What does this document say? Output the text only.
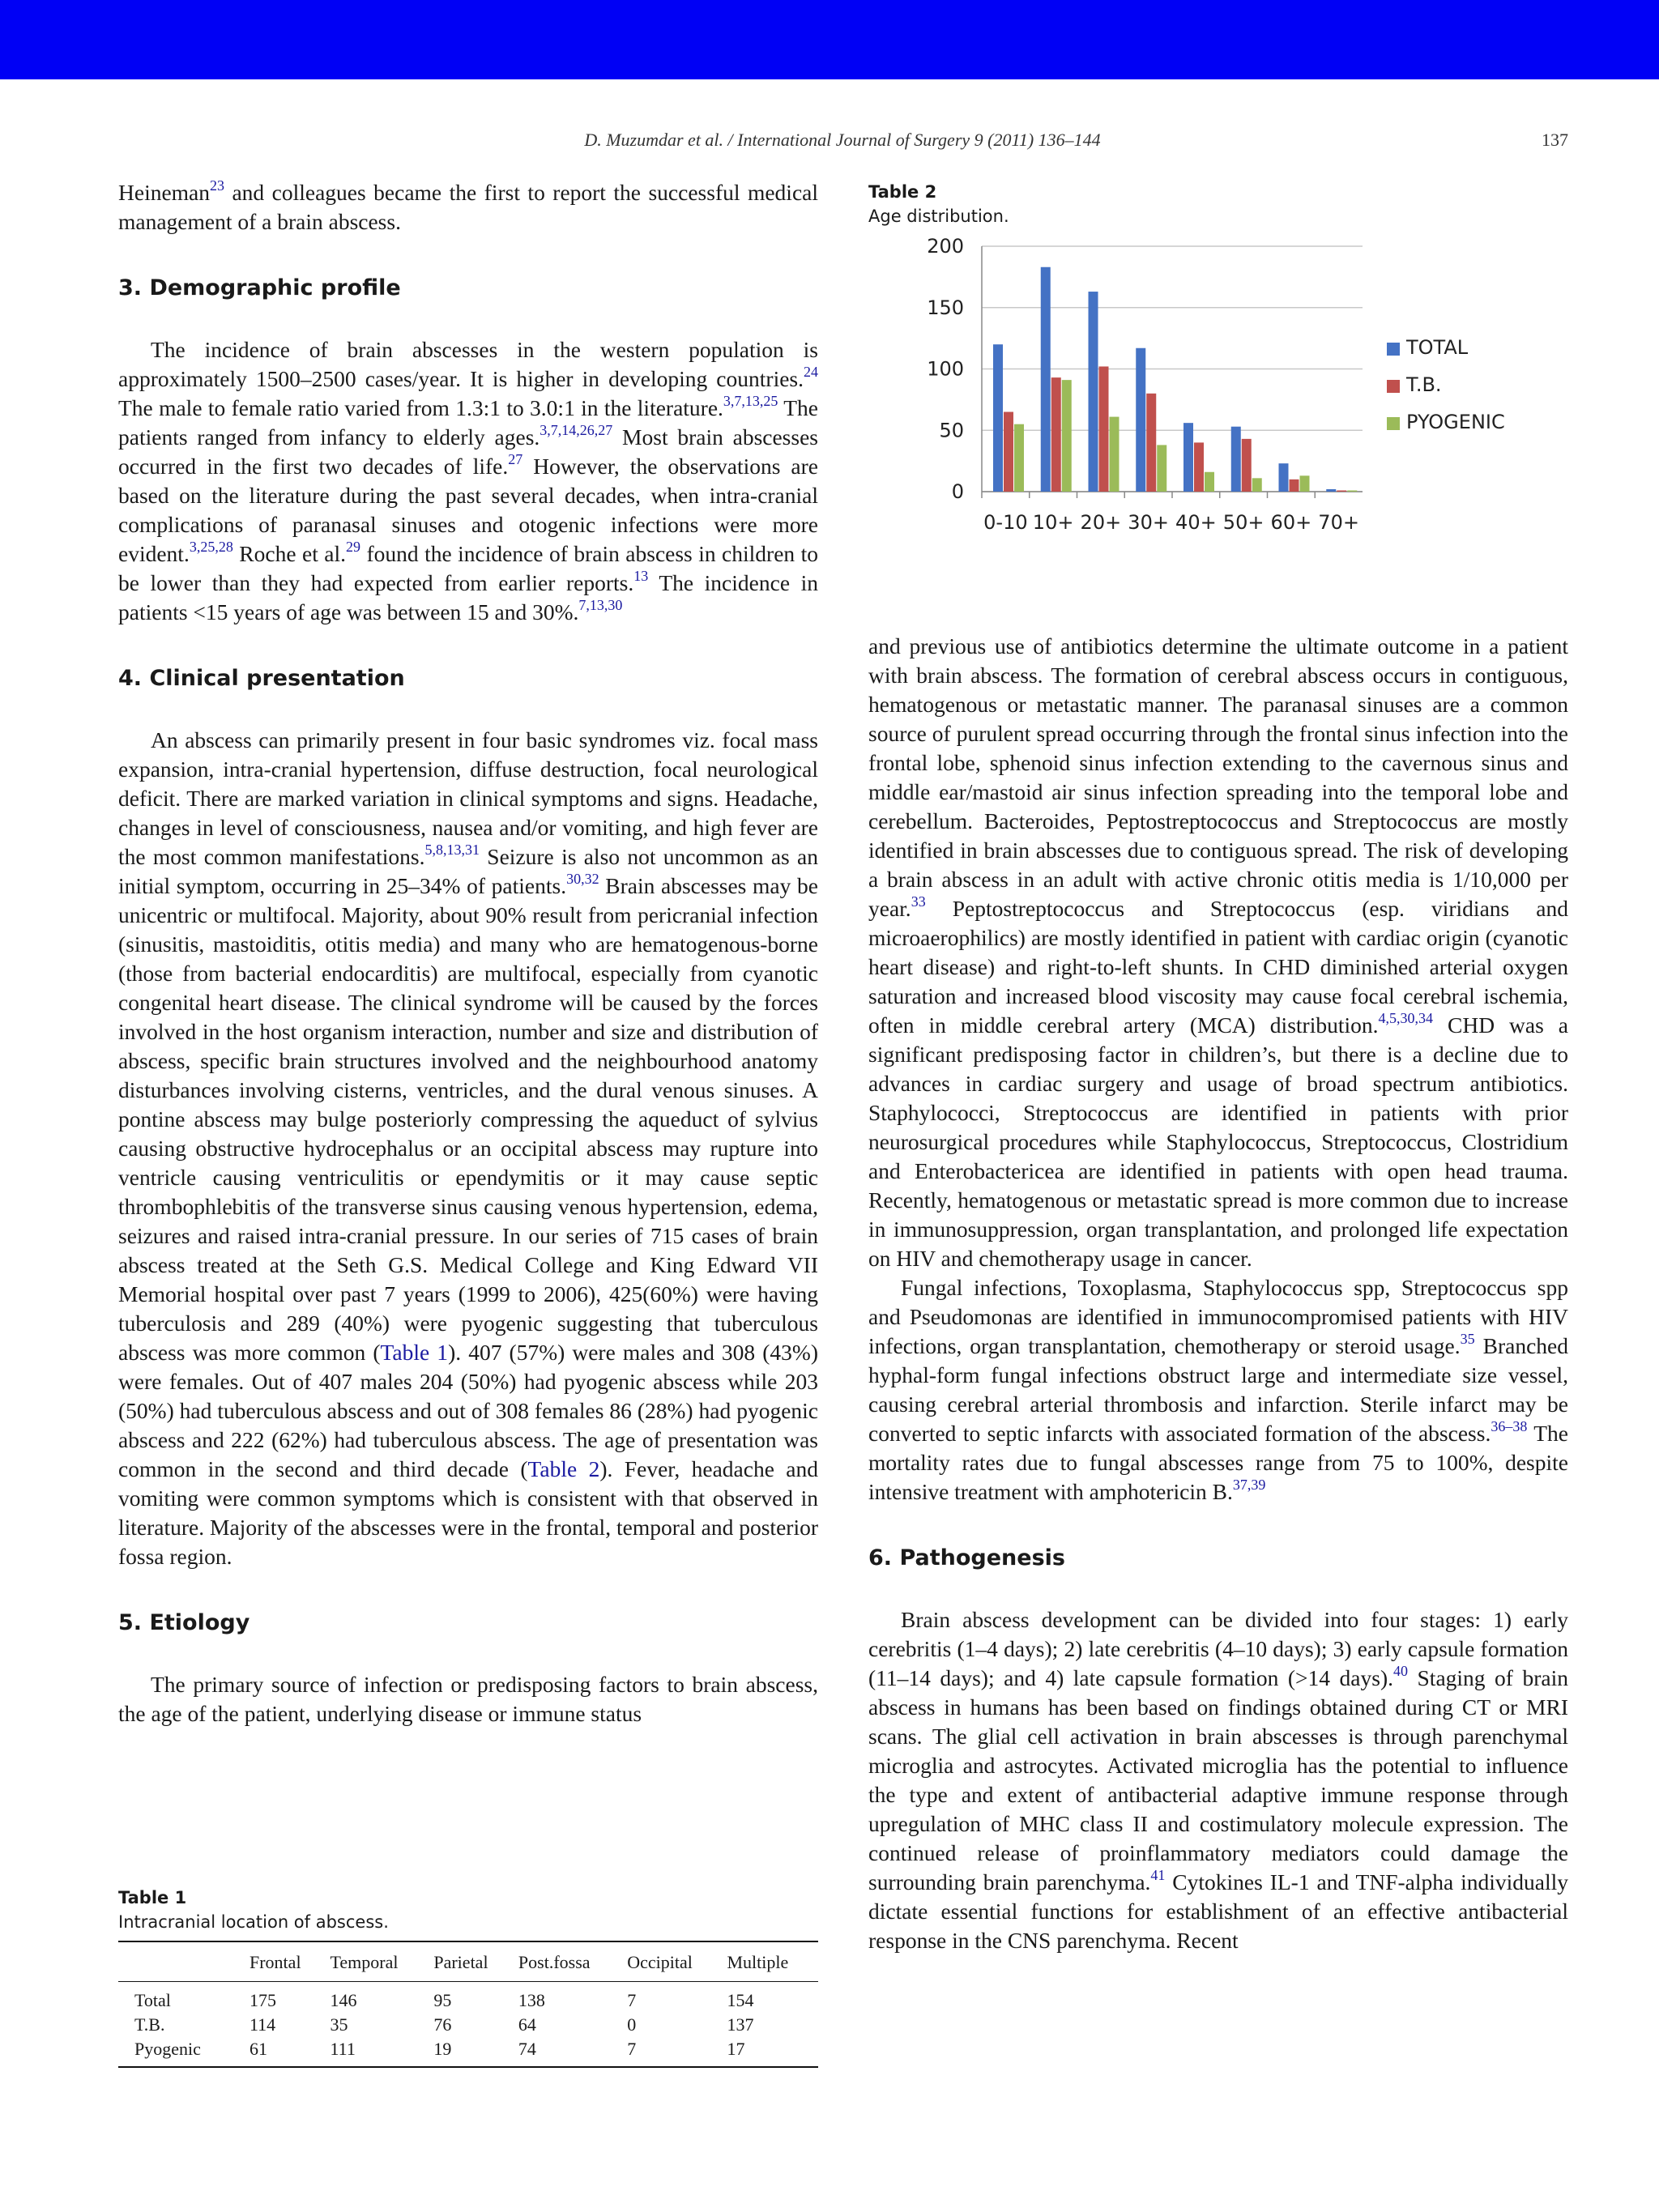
D. Muzumdar et al. / International Journal of Surgery 9 (2011) 136–144	137

Heineman$^{23}$ and colleagues became the first to report the successful medical management of a brain abscess.

3. Demographic profile

The incidence of brain abscesses in the western population is approximately 1500–2500 cases/year. It is higher in developing countries.$^{24}$ The male to female ratio varied from 1.3:1 to 3.0:1 in the literature.$^{3,7,13,25}$ The patients ranged from infancy to elderly ages.$^{3,7,14,26,27}$ Most brain abscesses occurred in the first two decades of life.$^{27}$ However, the observations are based on the literature during the past several decades, when intra-cranial complications of paranasal sinuses and otogenic infections were more evident.$^{3,25,28}$ Roche et al.$^{29}$ found the incidence of brain abscess in children to be lower than they had expected from earlier reports.$^{13}$ The incidence in patients <15 years of age was between 15 and 30%.$^{7,13,30}$

4. Clinical presentation

An abscess can primarily present in four basic syndromes viz. focal mass expansion, intra-cranial hypertension, diffuse destruction, focal neurological deficit. There are marked variation in clinical symptoms and signs. Headache, changes in level of consciousness, nausea and/or vomiting, and high fever are the most common manifestations.$^{5,8,13,31}$ Seizure is also not uncommon as an initial symptom, occurring in 25–34% of patients.$^{30,32}$ Brain abscesses may be unicentric or multifocal. Majority, about 90% result from pericranial infection (sinusitis, mastoiditis, otitis media) and many who are hematogenous-borne (those from bacterial endocarditis) are multifocal, especially from cyanotic congenital heart disease. The clinical syndrome will be caused by the forces involved in the host organism interaction, number and size and distribution of abscess, specific brain structures involved and the neighbourhood anatomy disturbances involving cisterns, ventricles, and the dural venous sinuses. A pontine abscess may bulge posteriorly compressing the aqueduct of sylvius causing obstructive hydrocephalus or an occipital abscess may rupture into ventricle causing ventriculitis or ependymitis or it may cause septic thrombophlebitis of the transverse sinus causing venous hypertension, edema, seizures and raised intra-cranial pressure. In our series of 715 cases of brain abscess treated at the Seth G.S. Medical College and King Edward VII Memorial hospital over past 7 years (1999 to 2006), 425(60%) were having tuberculosis and 289 (40%) were pyogenic suggesting that tuberculous abscess was more common (Table 1). 407 (57%) were males and 308 (43%) were females. Out of 407 males 204 (50%) had pyogenic abscess while 203 (50%) had tuberculous abscess and out of 308 females 86 (28%) had pyogenic abscess and 222 (62%) had tuberculous abscess. The age of presentation was common in the second and third decade (Table 2). Fever, headache and vomiting were common symptoms which is consistent with that observed in literature. Majority of the abscesses were in the frontal, temporal and posterior fossa region.

5. Etiology

The primary source of infection or predisposing factors to brain abscess, the age of the patient, underlying disease or immune status

Table 1
Intracranial location of abscess.
	Frontal	Temporal	Parietal	Post.fossa	Occipital	Multiple
Total	175	146	95	138	7	154
T.B.	114	35	76	64	0	137
Pyogenic	61	111	19	74	7	17
Table 2
Age distribution.
0
50
100
150
200
0-10 10+ 20+ 30+ 40+ 50+ 60+ 70+
TOTAL
T.B.
PYOGENIC

and previous use of antibiotics determine the ultimate outcome in a patient with brain abscess. The formation of cerebral abscess occurs in contiguous, hematogenous or metastatic manner. The paranasal sinuses are a common source of purulent spread occurring through the frontal sinus infection into the frontal lobe, sphenoid sinus infection extending to the cavernous sinus and middle ear/mastoid air sinus infection spreading into the temporal lobe and cerebellum. Bacteroides, Peptostreptococcus and Streptococcus are mostly identified in brain abscesses due to contiguous spread. The risk of developing a brain abscess in an adult with active chronic otitis media is 1/10,000 per year.$^{33}$ Peptostreptococcus and Streptococcus (esp. viridians and microaerophilics) are mostly identified in patient with cardiac origin (cyanotic heart disease) and right-to-left shunts. In CHD diminished arterial oxygen saturation and increased blood viscosity may cause focal cerebral ischemia, often in middle cerebral artery (MCA) distribution.$^{4,5,30,34}$ CHD was a significant predisposing factor in children’s, but there is a decline due to advances in cardiac surgery and usage of broad spectrum antibiotics. Staphylococci, Streptococcus are identified in patients with prior neurosurgical procedures while Staphylococcus, Streptococcus, Clostridium and Enterobactericea are identified in patients with open head trauma. Recently, hematogenous or metastatic spread is more common due to increase in immunosuppression, organ transplantation, and prolonged life expectation on HIV and chemotherapy usage in cancer.

Fungal infections, Toxoplasma, Staphylococcus spp, Streptococcus spp and Pseudomonas are identified in immunocompromised patients with HIV infections, organ transplantation, chemotherapy or steroid usage.$^{35}$ Branched hyphal-form fungal infections obstruct large and intermediate size vessel, causing cerebral arterial thrombosis and infarction. Sterile infarct may be converted to septic infarcts with associated formation of the abscess.$^{36-38}$ The mortality rates due to fungal abscesses range from 75 to 100%, despite intensive treatment with amphotericin B.$^{37,39}$

6. Pathogenesis

Brain abscess development can be divided into four stages: 1) early cerebritis (1–4 days); 2) late cerebritis (4–10 days); 3) early capsule formation (11–14 days); and 4) late capsule formation (>14 days).$^{40}$ Staging of brain abscess in humans has been based on findings obtained during CT or MRI scans. The glial cell activation in brain abscesses is through parenchymal microglia and astrocytes. Activated microglia has the potential to influence the type and extent of antibacterial adaptive immune response through upregulation of MHC class II and costimulatory molecule expression. The continued release of proinflammatory mediators could damage the surrounding brain parenchyma.$^{41}$ Cytokines IL-1 and TNF-alpha individually dictate essential functions for establishment of an effective antibacterial response in the CNS parenchyma. Recent
